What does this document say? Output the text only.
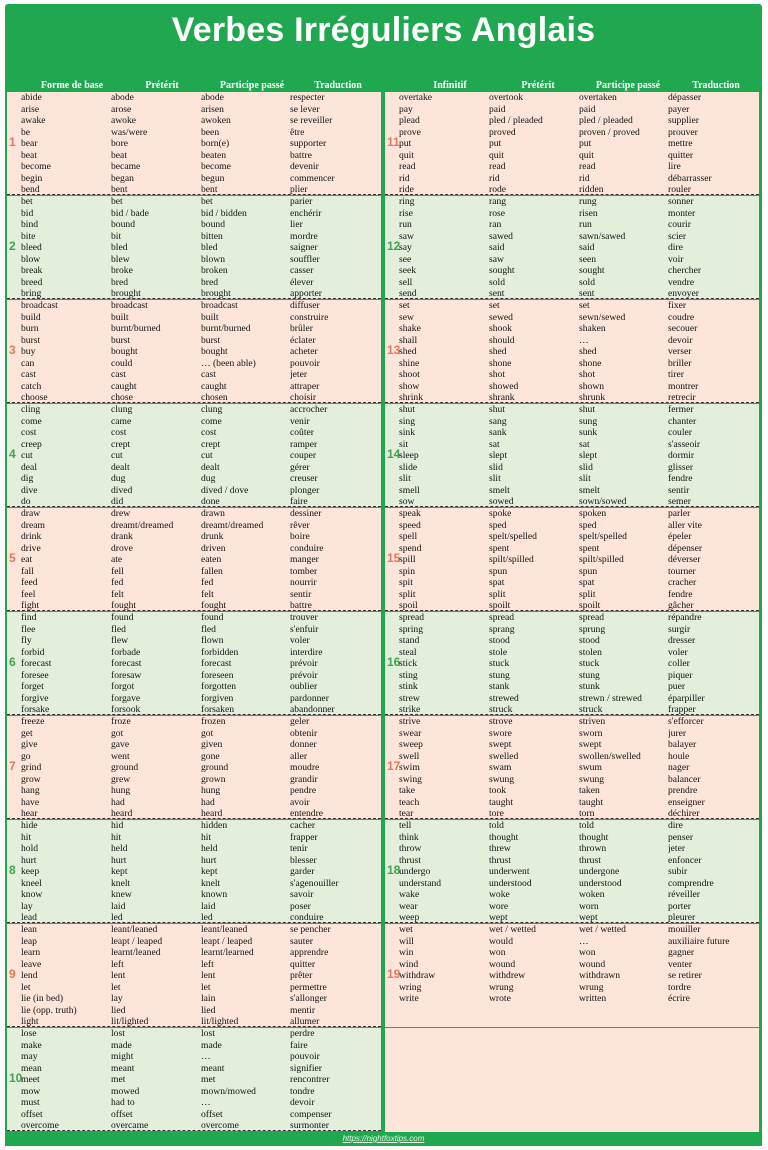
Verbes Irréguliers Anglais
Forme de base	Prétérit	Participe passé	Traduction	Infinitif	Prétérit	Participe passé	Traduction
1
abide	abode	abode	respecter
arise	arose	arisen	se lever
awake	awoke	awoken	se reveiller
be	was/were	been	être
bear	bore	born(e)	supporter
beat	beat	beaten	battre
become	became	become	devenir
begin	began	begun	commencer
bend	bent	bent	plier
2
bet	bet	bet	parier
bid	bid / bade	bid / bidden	enchérir
bind	bound	bound	lier
bite	bit	bitten	mordre
bleed	bled	bled	saigner
blow	blew	blown	souffler
break	broke	broken	casser
breed	bred	bred	élever
bring	brought	brought	apporter
3
broadcast	broadcast	broadcast	diffuser
build	built	built	construire
burn	burnt/burned	burnt/burned	brûler
burst	burst	burst	éclater
buy	bought	bought	acheter
can	could	… (been able)	pouvoir
cast	cast	cast	jeter
catch	caught	caught	attraper
choose	chose	chosen	choisir
4
cling	clung	clung	accrocher
come	came	come	venir
cost	cost	cost	coûter
creep	crept	crept	ramper
cut	cut	cut	couper
deal	dealt	dealt	gérer
dig	dug	dug	creuser
dive	dived	dived / dove	plonger
do	did	done	faire
5
draw	drew	drawn	dessiner
dream	dreamt/dreamed	dreamt/dreamed	rêver
drink	drank	drunk	boire
drive	drove	driven	conduire
eat	ate	eaten	manger
fall	fell	fallen	tomber
feed	fed	fed	nourrir
feel	felt	felt	sentir
fight	fought	fought	battre
6
find	found	found	trouver
flee	fled	fled	s'enfuir
fly	flew	flown	voler
forbid	forbade	forbidden	interdire
forecast	forecast	forecast	prévoir
foresee	foresaw	foreseen	prévoir
forget	forgot	forgotten	oublier
forgive	forgave	forgiven	pardonner
forsake	forsook	forsaken	abandonner
7
freeze	froze	frozen	geler
get	got	got	obtenir
give	gave	given	donner
go	went	gone	aller
grind	ground	ground	moudre
grow	grew	grown	grandir
hang	hung	hung	pendre
have	had	had	avoir
hear	heard	heard	entendre
8
hide	hid	hidden	cacher
hit	hit	hit	frapper
hold	held	held	tenir
hurt	hurt	hurt	blesser
keep	kept	kept	garder
kneel	knelt	knelt	s'agenouiller
know	knew	known	savoir
lay	laid	laid	poser
lead	led	led	conduire
9
lean	leant/leaned	leant/leaned	se pencher
leap	leapt / leaped	leapt / leaped	sauter
learn	learnt/leaned	learnt/learned	apprendre
leave	left	left	quitter
lend	lent	lent	prêter
let	let	let	permettre
lie (in bed)	lay	lain	s'allonger
lie (opp. truth)	lied	lied	mentir
light	lit/lighted	lit/lighted	allumer
10
lose	lost	lost	perdre
make	made	made	faire
may	might	…	pouvoir
mean	meant	meant	signifier
meet	met	met	rencontrer
mow	mowed	mown/mowed	tondre
must	had to	…	devoir
offset	offset	offset	compenser
overcome	overcame	overcome	surmonter
11
overtake	overtook	overtaken	dépasser
pay	paid	paid	payer
plead	pled / pleaded	pled / pleaded	supplier
prove	proved	proven / proved	prouver
put	put	put	mettre
quit	quit	quit	quitter
read	read	read	lire
rid	rid	rid	débarrasser
ride	rode	ridden	rouler
12
ring	rang	rung	sonner
rise	rose	risen	monter
run	ran	run	courir
saw	sawed	sawn/sawed	scier
say	said	said	dire
see	saw	seen	voir
seek	sought	sought	chercher
sell	sold	sold	vendre
send	sent	sent	envoyer
13
set	set	set	fixer
sew	sewed	sewn/sewed	coudre
shake	shook	shaken	secouer
shall	should	…	devoir
shed	shed	shed	verser
shine	shone	shone	briller
shoot	shot	shot	tirer
show	showed	shown	montrer
shrink	shrank	shrunk	retrecir
14
shut	shut	shut	fermer
sing	sang	sung	chanter
sink	sank	sunk	couler
sit	sat	sat	s'asseoir
sleep	slept	slept	dormir
slide	slid	slid	glisser
slit	slit	slit	fendre
smell	smelt	smelt	sentir
sow	sowed	sown/sowed	semer
15
speak	spoke	spoken	parler
speed	sped	sped	aller vite
spell	spelt/spelled	spelt/spelled	épeler
spend	spent	spent	dépenser
spill	spilt/spilled	spilt/spilled	déverser
spin	spun	spun	tourner
spit	spat	spat	cracher
split	split	split	fendre
spoil	spoilt	spoilt	gâcher
16
spread	spread	spread	répandre
spring	sprang	sprung	surgir
stand	stood	stood	dresser
steal	stole	stolen	voler
stick	stuck	stuck	coller
sting	stung	stung	piquer
stink	stank	stunk	puer
strew	strewed	strewn / strewed	éparpiller
strike	struck	struck	frapper
17
strive	strove	striven	s'efforcer
swear	swore	sworn	jurer
sweep	swept	swept	balayer
swell	swelled	swollen/swelled	houle
swim	swam	swum	nager
swing	swung	swung	balancer
take	took	taken	prendre
teach	taught	taught	enseigner
tear	tore	torn	déchirer
18
tell	told	told	dire
think	thought	thought	penser
throw	threw	thrown	jeter
thrust	thrust	thrust	enfoncer
undergo	underwent	undergone	subir
understand	understood	understood	comprendre
wake	woke	woken	réveiller
wear	wore	worn	porter
weep	wept	wept	pleurer
19
wet	wet / wetted	wet / wetted	mouiller
will	would	…	auxiliaire future
win	won	won	gagner
wind	wound	wound	venter
withdraw	withdrew	withdrawn	se retirer
wring	wrung	wrung	tordre
write	wrote	written	écrire
https://nightfoxtips.com
